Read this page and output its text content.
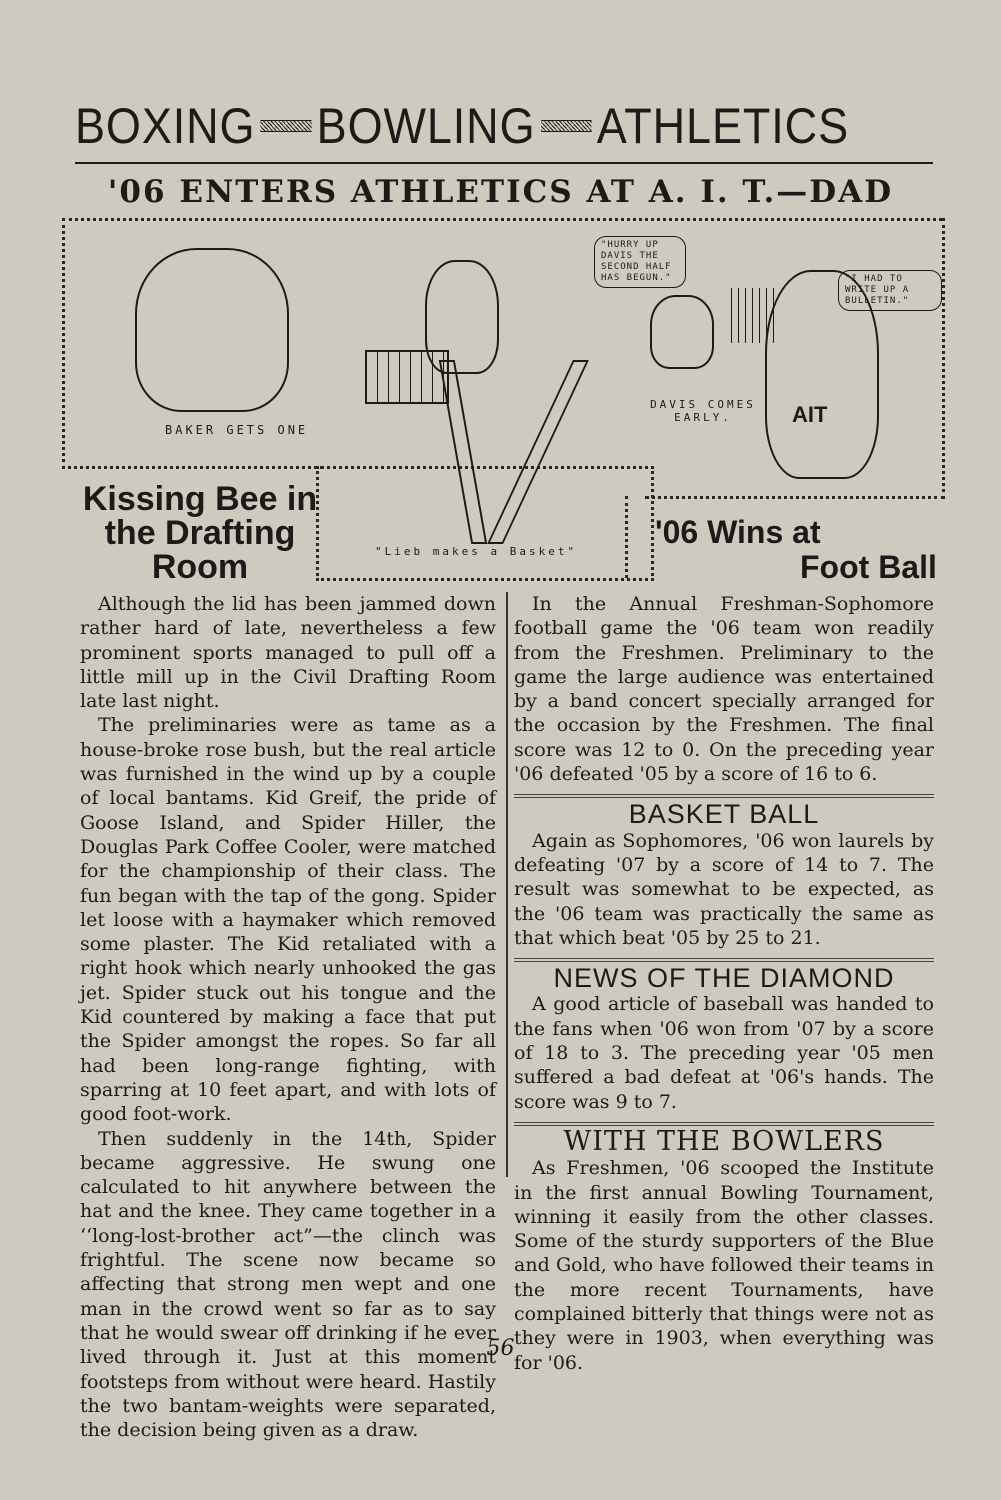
BOXING BOWLING ATHLETICS
'06 ENTERS ATHLETICS AT A. I. T.—DAD
BAKER GETS ONE
"Lieb makes a Basket"
"HURRY UP DAVIS THE SECOND HALF HAS BEGUN."	"I HAD TO WRITE UP A BULLETIN."
AIT
DAVIS COMES EARLY.
Kissing Bee in the Drafting Room
'06 Wins at
Foot Ball

Although the lid has been jammed down rather hard of late, nevertheless a few prominent sports managed to pull off a little mill up in the Civil Drafting Room late last night.

The preliminaries were as tame as a house-broke rose bush, but the real article was furnished in the wind up by a couple of local bantams. Kid Greif, the pride of Goose Island, and Spider Hiller, the Douglas Park Coffee Cooler, were matched for the championship of their class. The fun began with the tap of the gong. Spider let loose with a haymaker which removed some plaster. The Kid retaliated with a right hook which nearly unhooked the gas jet. Spider stuck out his tongue and the Kid countered by making a face that put the Spider amongst the ropes. So far all had been long-range fighting, with sparring at 10 feet apart, and with lots of good foot-work.

Then suddenly in the 14th, Spider became aggressive. He swung one calculated to hit anywhere between the hat and the knee. They came together in a ‘‘long-lost-brother act”—the clinch was frightful. The scene now became so affecting that strong men wept and one man in the crowd went so far as to say that he would swear off drinking if he ever lived through it. Just at this moment footsteps from without were heard. Hastily the two bantam-weights were separated, the decision being given as a draw.

In the Annual Freshman-Sophomore football game the '06 team won readily from the Freshmen. Preliminary to the game the large audience was entertained by a band concert specially arranged for the occasion by the Freshmen. The final score was 12 to 0. On the preceding year '06 defeated '05 by a score of 16 to 6.

BASKET BALL

Again as Sophomores, '06 won laurels by defeating '07 by a score of 14 to 7. The result was somewhat to be expected, as the '06 team was practically the same as that which beat '05 by 25 to 21.

NEWS OF THE DIAMOND

A good article of baseball was handed to the fans when '06 won from '07 by a score of 18 to 3. The preceding year '05 men suffered a bad defeat at '06's hands. The score was 9 to 7.

WITH THE BOWLERS

As Freshmen, '06 scooped the Institute in the first annual Bowling Tournament, winning it easily from the other classes. Some of the sturdy supporters of the Blue and Gold, who have followed their teams in the more recent Tournaments, have complained bitterly that things were not as they were in 1903, when everything was for '06.

56
